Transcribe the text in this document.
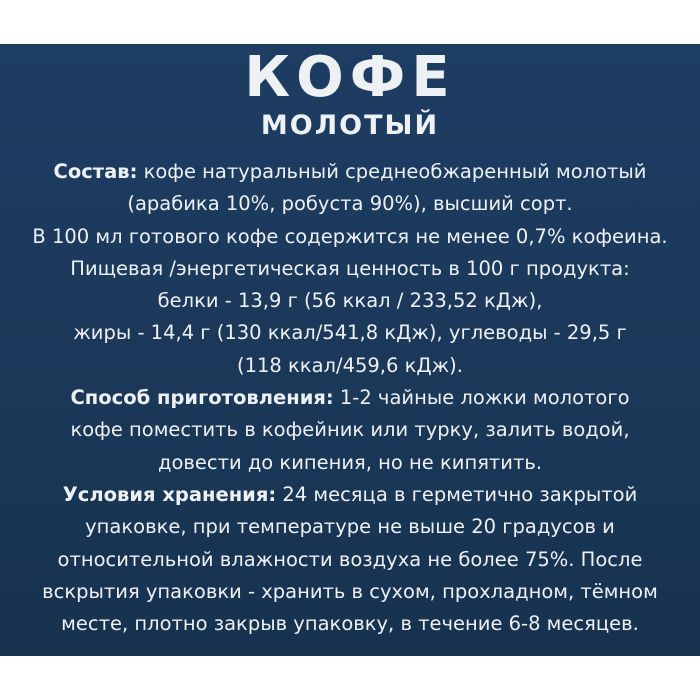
КОФЕ
МОЛОТЫЙ
Состав: кофе натуральный среднеобжаренный молотый
(арабика 10%, робуста 90%), высший сорт.
В 100 мл готового кофе содержится не менее 0,7% кофеина.
Пищевая /энергетическая ценность в 100 г продукта:
белки - 13,9 г (56 ккал / 233,52 кДж),
жиры - 14,4 г (130 ккал/541,8 кДж), углеводы - 29,5 г
(118 ккал/459,6 кДж).
Способ приготовления: 1-2 чайные ложки молотого
кофе поместить в кофейник или турку, залить водой,
довести до кипения, но не кипятить.
Условия хранения: 24 месяца в герметично закрытой
упаковке, при температуре не выше 20 градусов и
относительной влажности воздуха не более 75%. После
вскрытия упаковки - хранить в сухом, прохладном, тёмном
месте, плотно закрыв упаковку, в течение 6-8 месяцев.
